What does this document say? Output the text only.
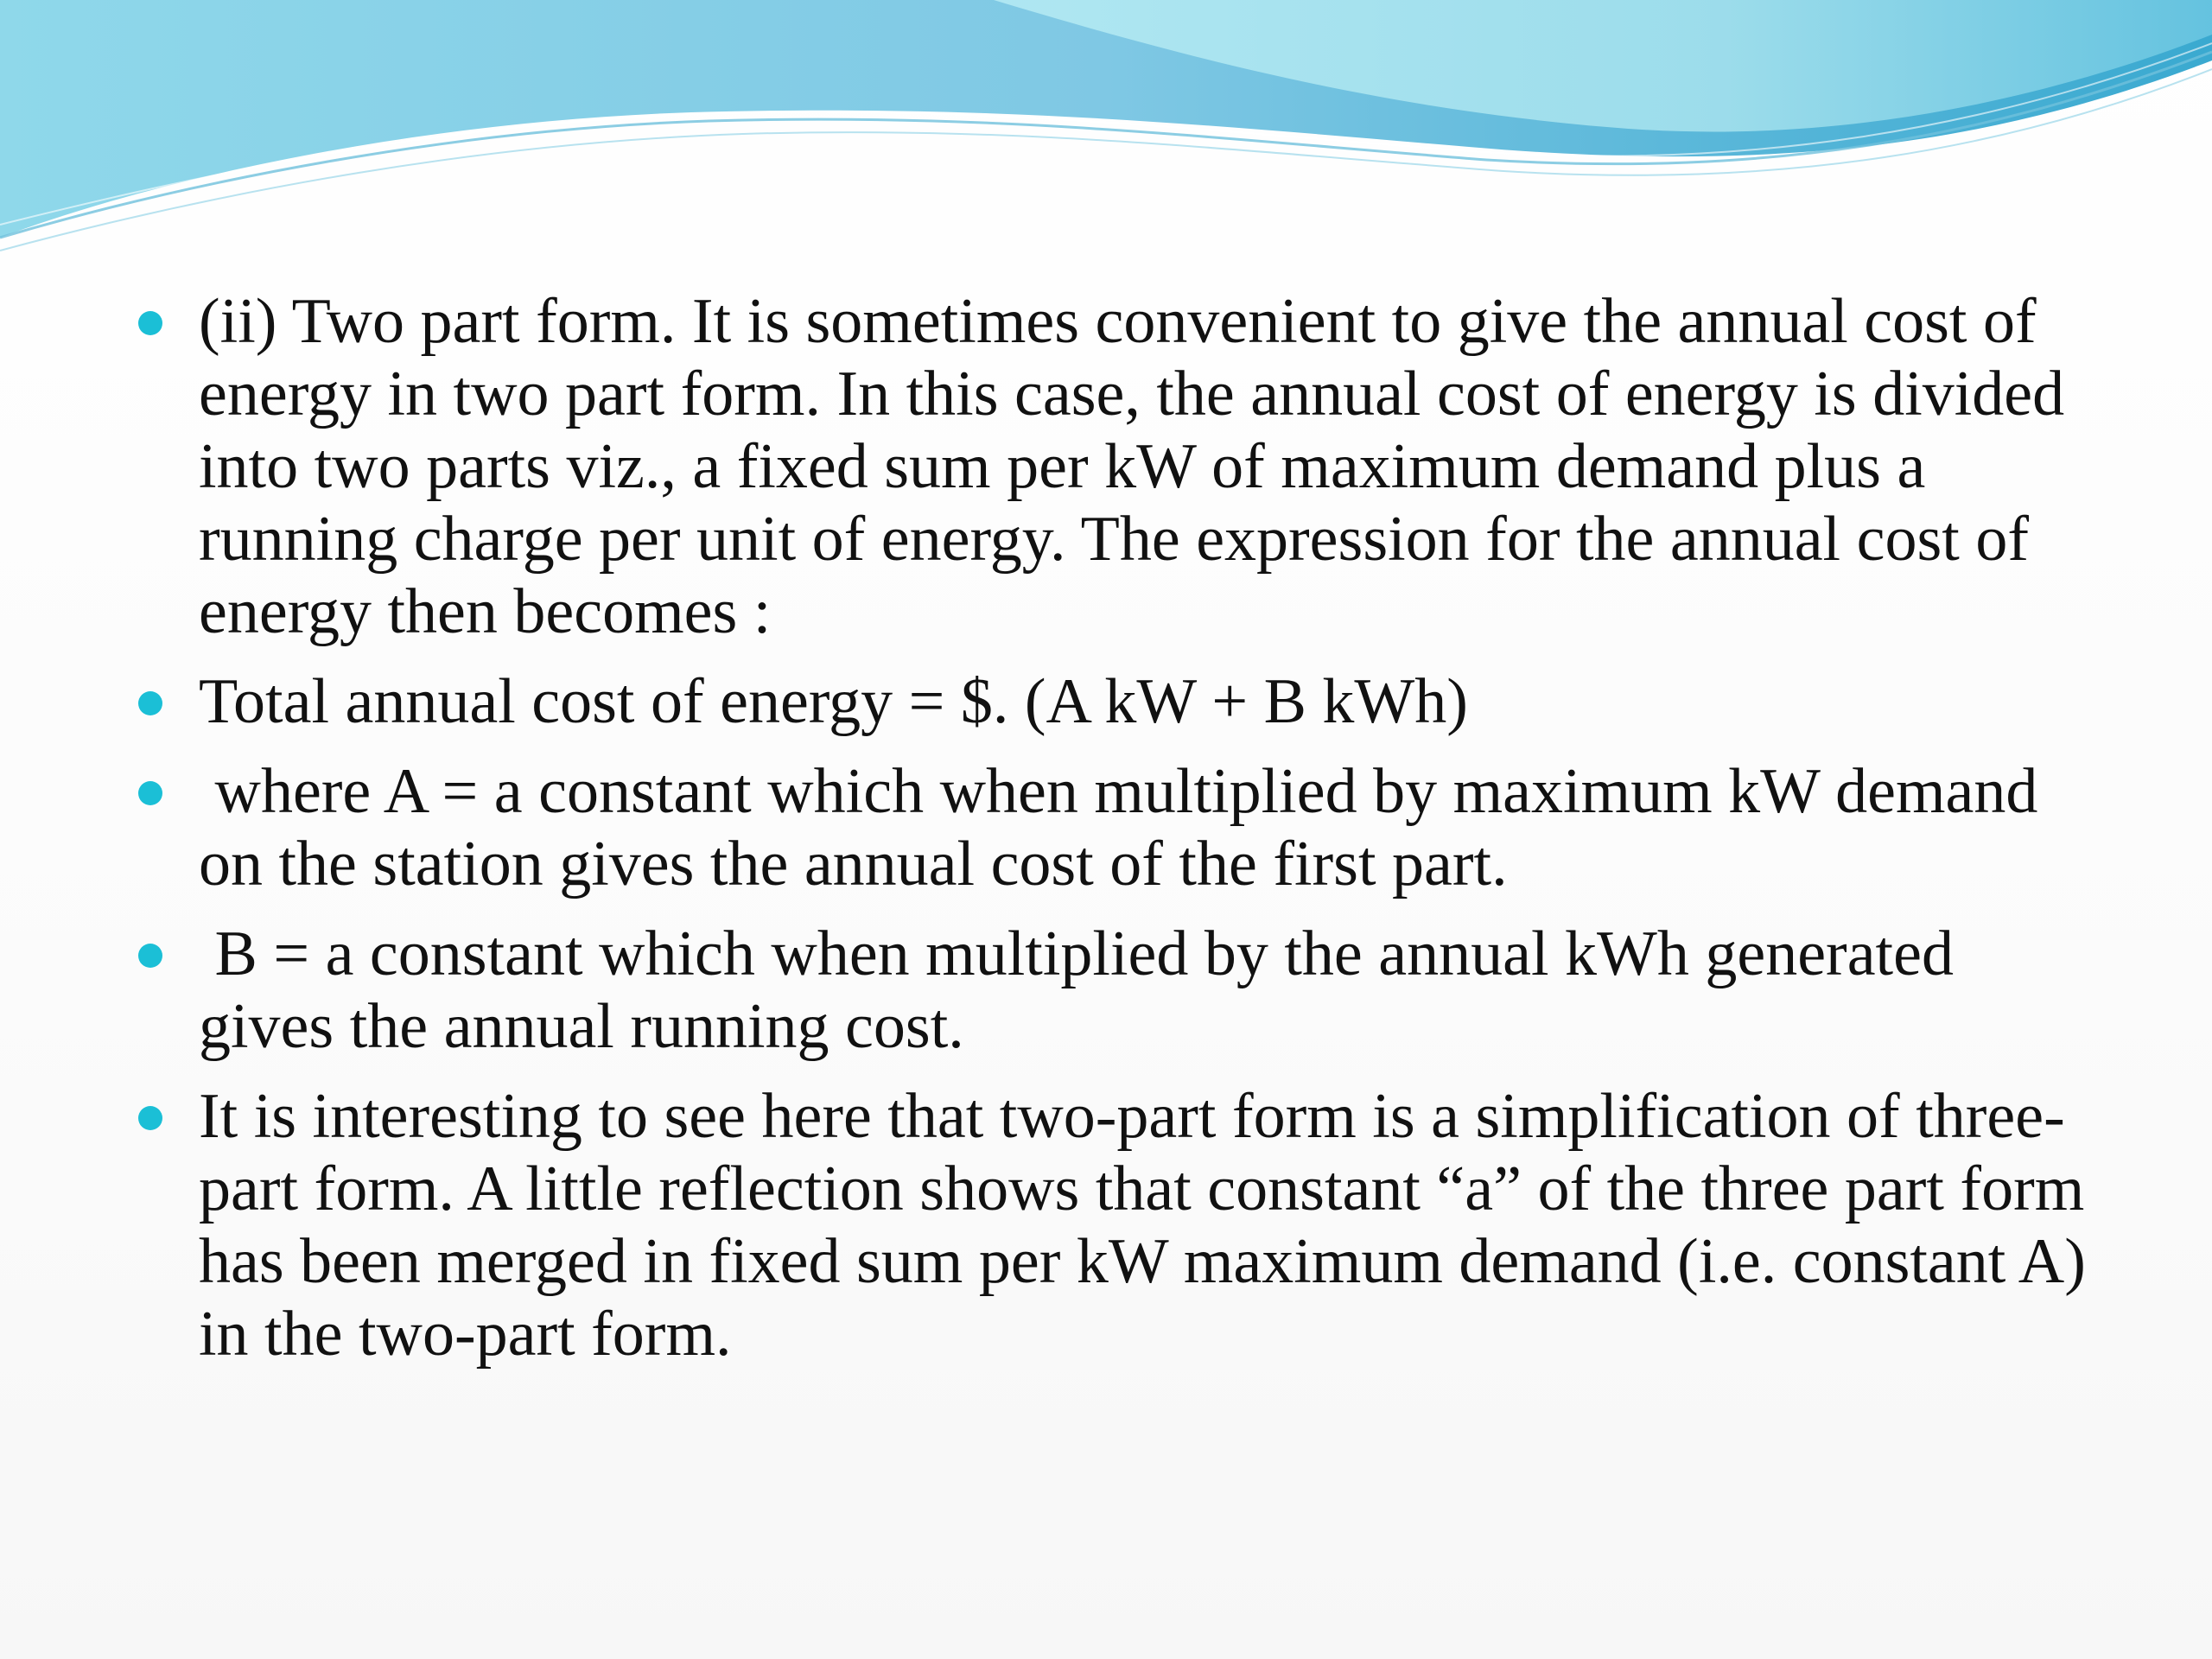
(ii) Two part form. It is sometimes convenient to give the annual cost of energy in two part form. In this case, the annual cost of energy is divided into two parts viz., a fixed sum per kW of maximum demand plus a running charge per unit of energy. The expression for the annual cost of energy then becomes :
Total annual cost of energy = $. (A kW + B kWh)
where A = a constant which when multiplied by maximum kW demand on the station gives the annual cost of the first part.
B = a constant which when multiplied by the annual kWh generated gives the annual running cost.
It is interesting to see here that two-part form is a simplification of three-part form. A little reflection shows that constant “a” of the three part form has been merged in fixed sum per kW maximum demand (i.e. constant A) in the two-part form.
